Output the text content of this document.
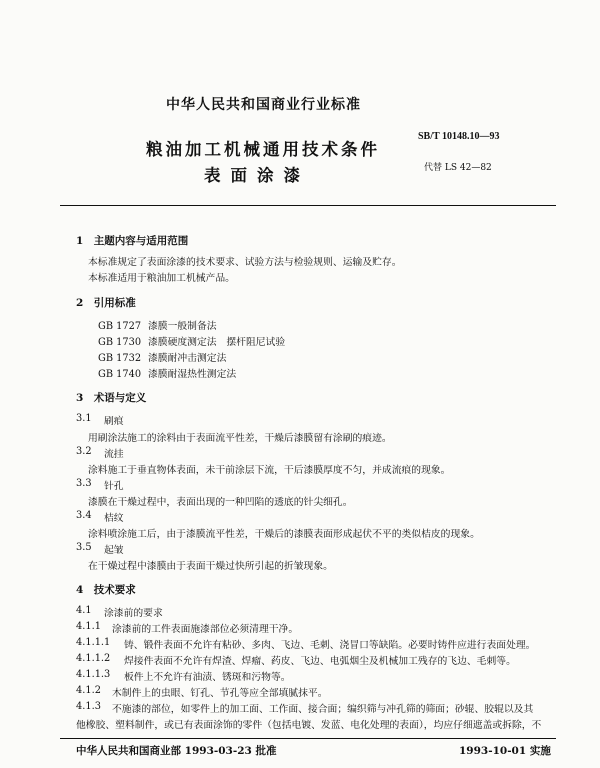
中华人民共和国商业行业标准
粮油加工机械通用技术条件
表面涂漆
SB/T 10148.10—93
代替 LS 42—82
1　主题内容与适用范围
本标准规定了表面涂漆的技术要求、试验方法与检验规则、运输及贮存。
本标准适用于粮油加工机械产品。
2　引用标准
GB 1727 漆膜一般制备法
GB 1730 漆膜硬度测定法　摆杆阻尼试验
GB 1732 漆膜耐冲击测定法
GB 1740 漆膜耐湿热性测定法
3　术语与定义
3.1 刷痕
用刷涂法施工的涂料由于表面流平性差，干燥后漆膜留有涂刷的痕迹。
3.2 流挂
涂料施工于垂直物体表面，未干前涂层下流，干后漆膜厚度不匀，并成流痕的现象。
3.3 针孔
漆膜在干燥过程中，表面出现的一种凹陷的透底的针尖细孔。
3.4 桔纹
涂料喷涂施工后，由于漆膜流平性差，干燥后的漆膜表面形成起伏不平的类似桔皮的现象。
3.5 起皱
在干燥过程中漆膜由于表面干燥过快所引起的折皱现象。
4　技术要求
4.1 涂漆前的要求
4.1.1 涂漆前的工件表面施漆部位必须清理干净。
4.1.1.1 铸、锻件表面不允许有粘砂、多肉、飞边、毛刺、浇冒口等缺陷。必要时铸件应进行表面处理。
4.1.1.2 焊接件表面不允许有焊渣、焊瘤、药皮、飞边、电弧烟尘及机械加工残存的飞边、毛刺等。
4.1.1.3 板件上不允许有油渍、锈斑和污物等。
4.1.2 木制件上的虫眼、钉孔、节孔等应全部填腻抹平。
4.1.3 不施漆的部位，如零件上的加工面、工作面、接合面；编织筛与冲孔筛的筛面；砂辊、胶辊以及其
他橡胶、塑料制件，或已有表面涂饰的零件（包括电镀、发蓝、电化处理的表面），均应仔细遮盖或拆除，不
中华人民共和国商业部 1993-03-23 批准	1993-10-01 实施
